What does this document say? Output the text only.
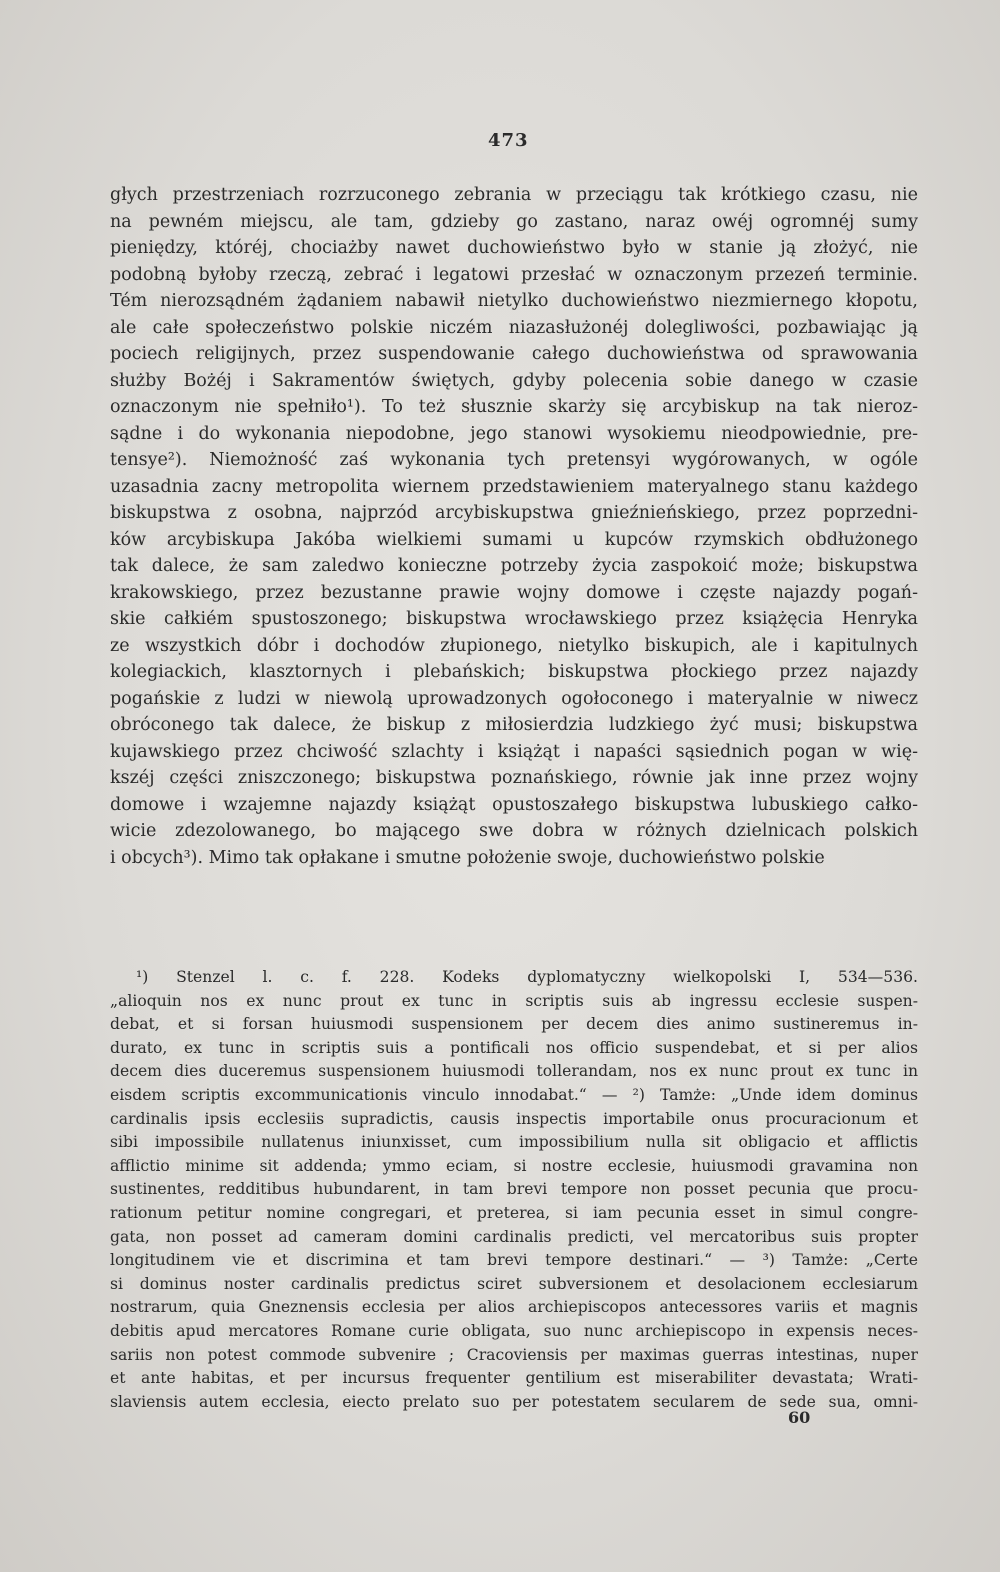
473
głych przestrzeniach rozrzuconego zebrania w przeciągu tak krótkiego czasu, nie
na pewném miejscu, ale tam, gdzieby go zastano, naraz owéj ogromnéj sumy
pieniędzy, któréj, chociażby nawet duchowieństwo było w stanie ją złożyć, nie
podobną byłoby rzeczą, zebrać i legatowi przesłać w oznaczonym przezeń terminie.
Tém nierozsądném żądaniem nabawił nietylko duchowieństwo niezmiernego kłopotu,
ale całe społeczeństwo polskie niczém niazasłużonéj dolegliwości, pozbawiając ją
pociech religijnych, przez suspendowanie całego duchowieństwa od sprawowania
służby Bożéj i Sakramentów świętych, gdyby polecenia sobie danego w czasie
oznaczonym nie spełniło¹). To też słusznie skarży się arcybiskup na tak nieroz-
sądne i do wykonania niepodobne, jego stanowi wysokiemu nieodpowiednie, pre-
tensye²). Niemożność zaś wykonania tych pretensyi wygórowanych, w ogóle
uzasadnia zacny metropolita wiernem przedstawieniem materyalnego stanu każdego
biskupstwa z osobna, najprzód arcybiskupstwa gnieźnieńskiego, przez poprzedni-
ków arcybiskupa Jakóba wielkiemi sumami u kupców rzymskich obdłużonego
tak dalece, że sam zaledwo konieczne potrzeby życia zaspokoić może; biskupstwa
krakowskiego, przez bezustanne prawie wojny domowe i częste najazdy pogań-
skie całkiém spustoszonego; biskupstwa wrocławskiego przez książęcia Henryka
ze wszystkich dóbr i dochodów złupionego, nietylko biskupich, ale i kapitulnych
kolegiackich, klasztornych i plebańskich; biskupstwa płockiego przez najazdy
pogańskie z ludzi w niewolą uprowadzonych ogołoconego i materyalnie w niwecz
obróconego tak dalece, że biskup z miłosierdzia ludzkiego żyć musi; biskupstwa
kujawskiego przez chciwość szlachty i książąt i napaści sąsiednich pogan w wię-
kszéj części zniszczonego; biskupstwa poznańskiego, równie jak inne przez wojny
domowe i wzajemne najazdy książąt opustoszałego biskupstwa lubuskiego całko-
wicie zdezolowanego, bo mającego swe dobra w różnych dzielnicach polskich
i obcych³). Mimo tak opłakane i smutne położenie swoje, duchowieństwo polskie
¹) Stenzel l. c. f. 228. Kodeks dyplomatyczny wielkopolski I, 534—536.
„alioquin nos ex nunc prout ex tunc in scriptis suis ab ingressu ecclesie suspen-
debat, et si forsan huiusmodi suspensionem per decem dies animo sustineremus in-
durato, ex tunc in scriptis suis a pontificali nos officio suspendebat, et si per alios
decem dies duceremus suspensionem huiusmodi tollerandam, nos ex nunc prout ex tunc in
eisdem scriptis excommunicationis vinculo innodabat.“ — ²) Tamże: „Unde idem dominus
cardinalis ipsis ecclesiis supradictis, causis inspectis importabile onus procuracionum et
sibi impossibile nullatenus iniunxisset, cum impossibilium nulla sit obligacio et afflictis
afflictio minime sit addenda; ymmo eciam, si nostre ecclesie, huiusmodi gravamina non
sustinentes, redditibus hubundarent, in tam brevi tempore non posset pecunia que procu-
rationum petitur nomine congregari, et preterea, si iam pecunia esset in simul congre-
gata, non posset ad cameram domini cardinalis predicti, vel mercatoribus suis propter
longitudinem vie et discrimina et tam brevi tempore destinari.“ — ³) Tamże: „Certe
si dominus noster cardinalis predictus sciret subversionem et desolacionem ecclesiarum
nostrarum, quia Gneznensis ecclesia per alios archiepiscopos antecessores variis et magnis
debitis apud mercatores Romane curie obligata, suo nunc archiepiscopo in expensis neces-
sariis non potest commode subvenire ; Cracoviensis per maximas guerras intestinas, nuper
et ante habitas, et per incursus frequenter gentilium est miserabiliter devastata; Wrati-
slaviensis autem ecclesia, eiecto prelato suo per potestatem secularem de sede sua, omni-
60
